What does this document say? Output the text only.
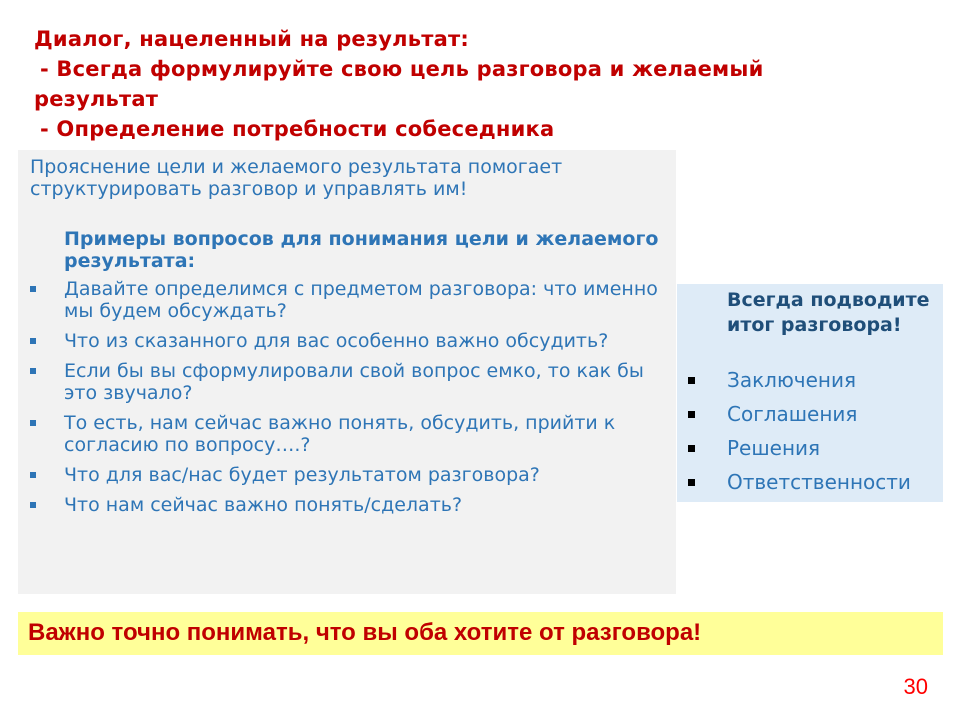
Диалог, нацеленный на результат:
- Всегда формулируйте свою цель разговора и желаемый
результат
- Определение потребности собеседника
Прояснение цели и желаемого результата помогает структурировать разговор и управлять им!
Примеры вопросов для понимания цели и желаемого результата:
Давайте определимся с предметом разговора: что именно мы будем обсуждать?
Что из сказанного для вас особенно важно обсудить?
Если бы вы сформулировали свой вопрос емко, то как бы это звучало?
То есть, нам сейчас важно понять, обсудить, прийти к согласию по вопросу….?
Что для вас/нас будет результатом разговора?
Что нам сейчас важно понять/сделать?
Всегда подводите итог разговора!
Заключения
Соглашения
Решения
Ответственности
Важно точно понимать, что вы оба хотите от разговора!
30
